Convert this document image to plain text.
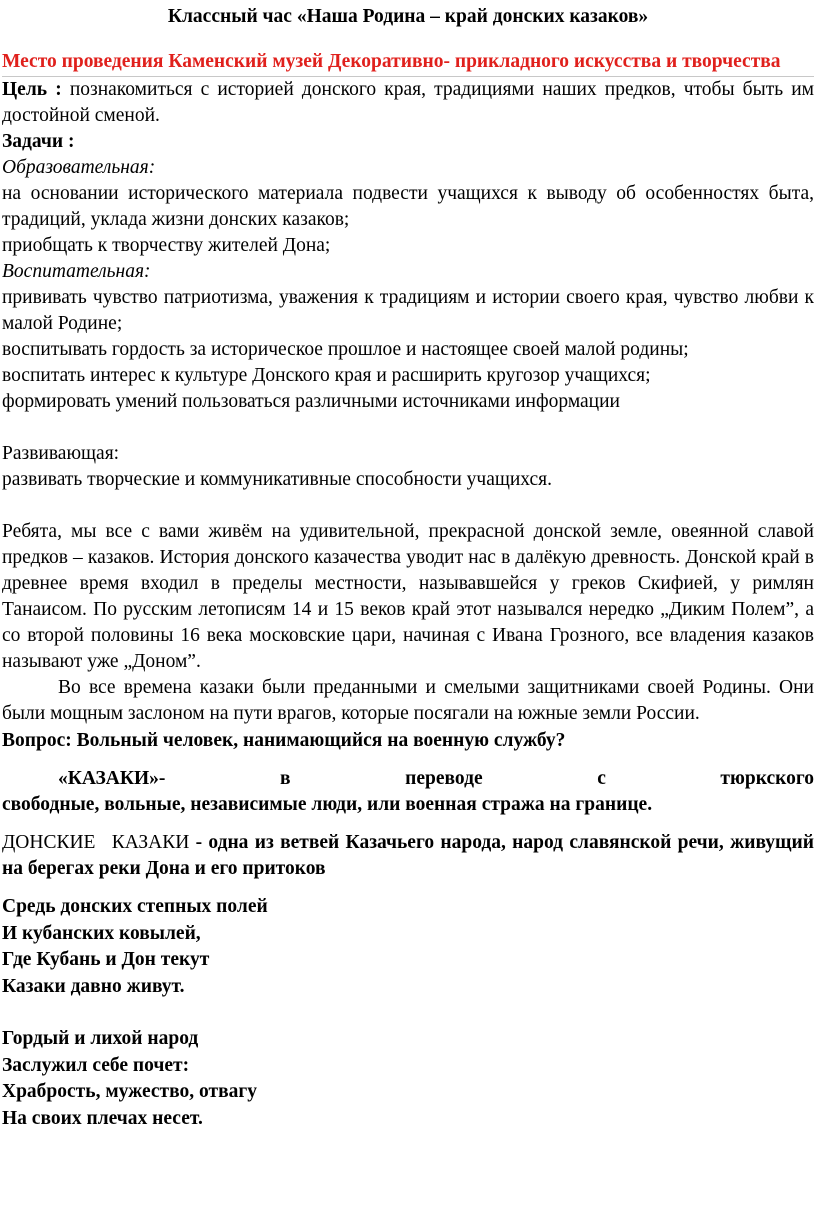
Классный час «Наша Родина – край донских казаков»
Место проведения Каменский музей Декоративно- прикладного искусства и творчества

Цель : познакомиться с историей донского края, традициями наших предков, чтобы быть им достойной сменой.

Задачи :

Образовательная:

на основании исторического материала подвести учащихся к выводу об особенностях быта, традиций, уклада жизни донских казаков;

приобщать к творчеству жителей Дона;

Воспитательная:

прививать чувство патриотизма, уважения к традициям и истории своего края, чувство любви к малой Родине;

воспитывать гордость за историческое прошлое и настоящее своей малой родины;

воспитать интерес к культуре Донского края и расширить кругозор учащихся;

формировать умений пользоваться различными источниками информации

Развивающая:

развивать творческие и коммуникативные способности учащихся.

Ребята, мы все с вами живём на удивительной, прекрасной донской земле, овеянной славой предков – казаков. История донского казачества уводит нас в далёкую древность. Донской край в древнее время входил в пределы местности, называвшейся у греков Скифией, у римлян Танаисом. По русским летописям 14 и 15 веков край этот назывался нередко „Диким Полем”, а со второй половины 16 века московские цари, начиная с Ивана Грозного, все владения казаков называют уже „Доном”.

Во все времена казаки были преданными и смелыми защитниками своей Родины. Они были мощным заслоном на пути врагов, которые посягали на южные земли России.

Вопрос: Вольный человек, нанимающийся на военную службу?

«КАЗАКИ»-	в	переводе	с	тюркского

свободные, вольные, независимые люди, или военная стража на границе.

ДОНСКИЕ КАЗАКИ - одна из ветвей Казачьего народа, народ славянской речи, живущий на берегах реки Дона и его притоков

Средь донских степных полей

И кубанских ковылей,

Где Кубань и Дон текут

Казаки давно живут.

Гордый и лихой народ

Заслужил себе почет:

Храбрость, мужество, отвагу

На своих плечах несет.
